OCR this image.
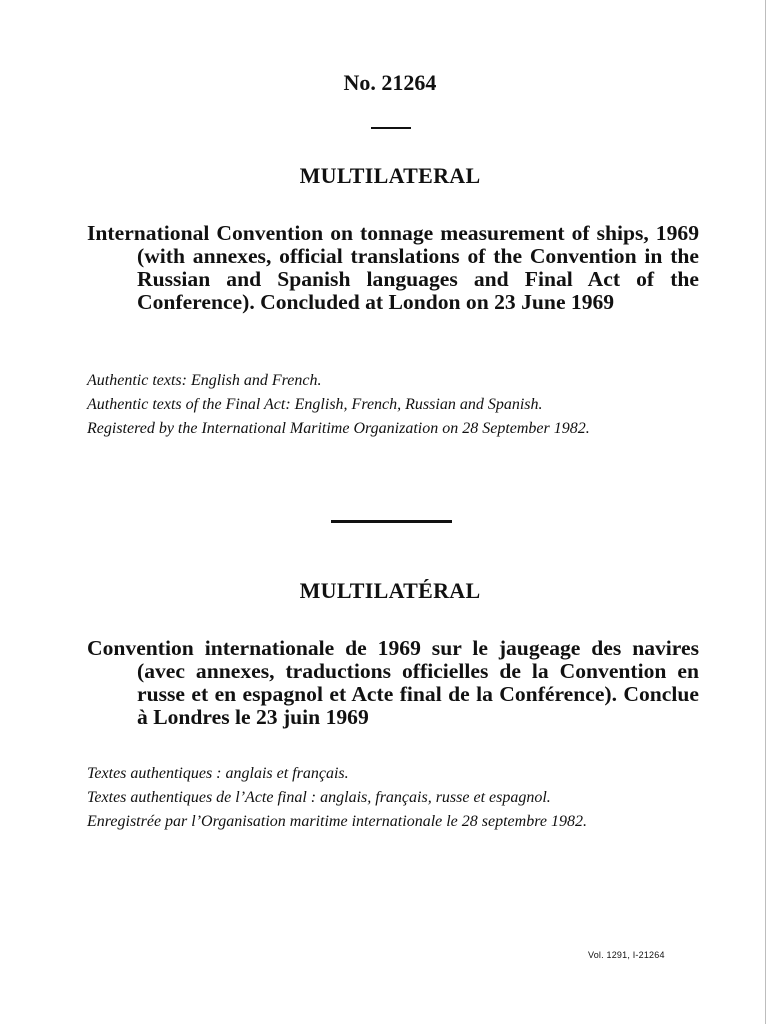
No. 21264
MULTILATERAL
International Convention on tonnage measurement of ships, 1969 (with annexes, official translations of the Convention in the Russian and Spanish languages and Final Act of the Conference). Concluded at London on 23 June 1969
Authentic texts: English and French.
Authentic texts of the Final Act: English, French, Russian and Spanish.
Registered by the International Maritime Organization on 28 September 1982.
MULTILATÉRAL
Convention internationale de 1969 sur le jaugeage des navires (avec annexes, traductions officielles de la Convention en russe et en espagnol et Acte final de la Conférence). Conclue à Londres le 23 juin 1969
Textes authentiques : anglais et français.
Textes authentiques de l’Acte final : anglais, français, russe et espagnol.
Enregistrée par l’Organisation maritime internationale le 28 septembre 1982.
Vol. 1291, I-21264
